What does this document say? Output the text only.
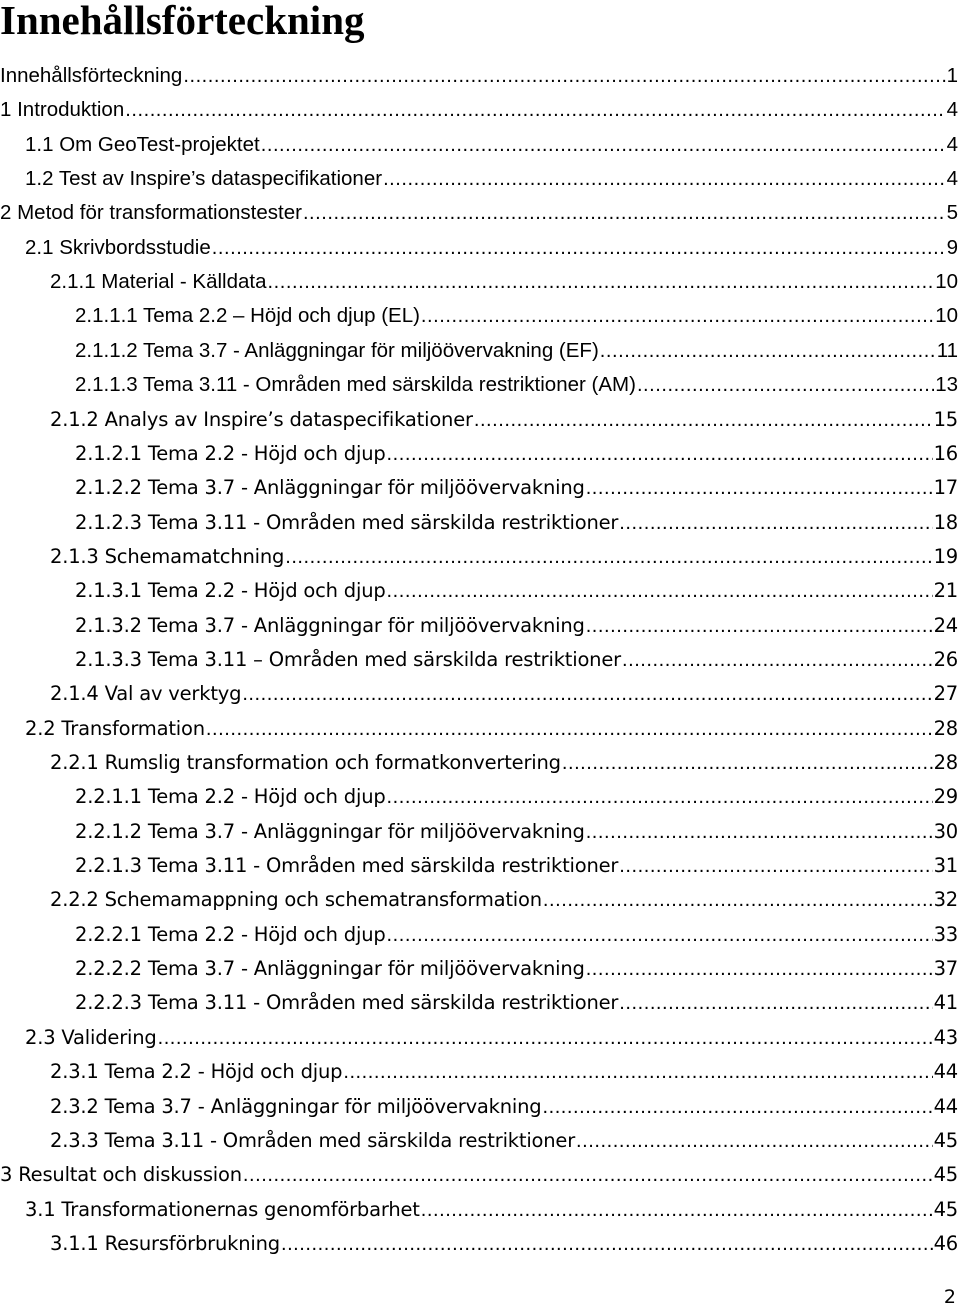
Innehållsförteckning
Innehållsförteckning . . .	1
1 Introduktion . . .	4
1.1 Om GeoTest-projektet . . .	4
1.2 Test av Inspire’s dataspecifikationer . . .	4
2 Metod för transformationstester . . .	5
2.1 Skrivbordsstudie . . .	9
2.1.1 Material - Källdata . . .	10
2.1.1.1 Tema 2.2 – Höjd och djup (EL) . . .	10
2.1.1.2 Tema 3.7 - Anläggningar för miljöövervakning (EF) . . .	11
2.1.1.3 Tema 3.11 - Områden med särskilda restriktioner (AM) . . .	13
2.1.2 Analys av Inspire’s dataspecifikationer . . .	15
2.1.2.1 Tema 2.2 - Höjd och djup . . .	16
2.1.2.2 Tema 3.7 - Anläggningar för miljöövervakning . . .	17
2.1.2.3 Tema 3.11 - Områden med särskilda restriktioner . . .	18
2.1.3 Schemamatchning . . .	19
2.1.3.1 Tema 2.2 - Höjd och djup . . .	21
2.1.3.2 Tema 3.7 - Anläggningar för miljöövervakning . . .	24
2.1.3.3 Tema 3.11 – Områden med särskilda restriktioner . . .	26
2.1.4 Val av verktyg . . .	27
2.2 Transformation . . .	28
2.2.1 Rumslig transformation och formatkonvertering . . .	28
2.2.1.1 Tema 2.2 - Höjd och djup . . .	29
2.2.1.2 Tema 3.7 - Anläggningar för miljöövervakning . . .	30
2.2.1.3 Tema 3.11 - Områden med särskilda restriktioner . . .	31
2.2.2 Schemamappning och schematransformation . . .	32
2.2.2.1 Tema 2.2 - Höjd och djup . . .	33
2.2.2.2 Tema 3.7 - Anläggningar för miljöövervakning . . .	37
2.2.2.3 Tema 3.11 - Områden med särskilda restriktioner . . .	41
2.3 Validering . . .	43
2.3.1 Tema 2.2 - Höjd och djup . . .	44
2.3.2 Tema 3.7 - Anläggningar för miljöövervakning . . .	44
2.3.3 Tema 3.11 - Områden med särskilda restriktioner . . .	45
3 Resultat och diskussion . . .	45
3.1 Transformationernas genomförbarhet . . .	45
3.1.1 Resursförbrukning . . .	46
2
